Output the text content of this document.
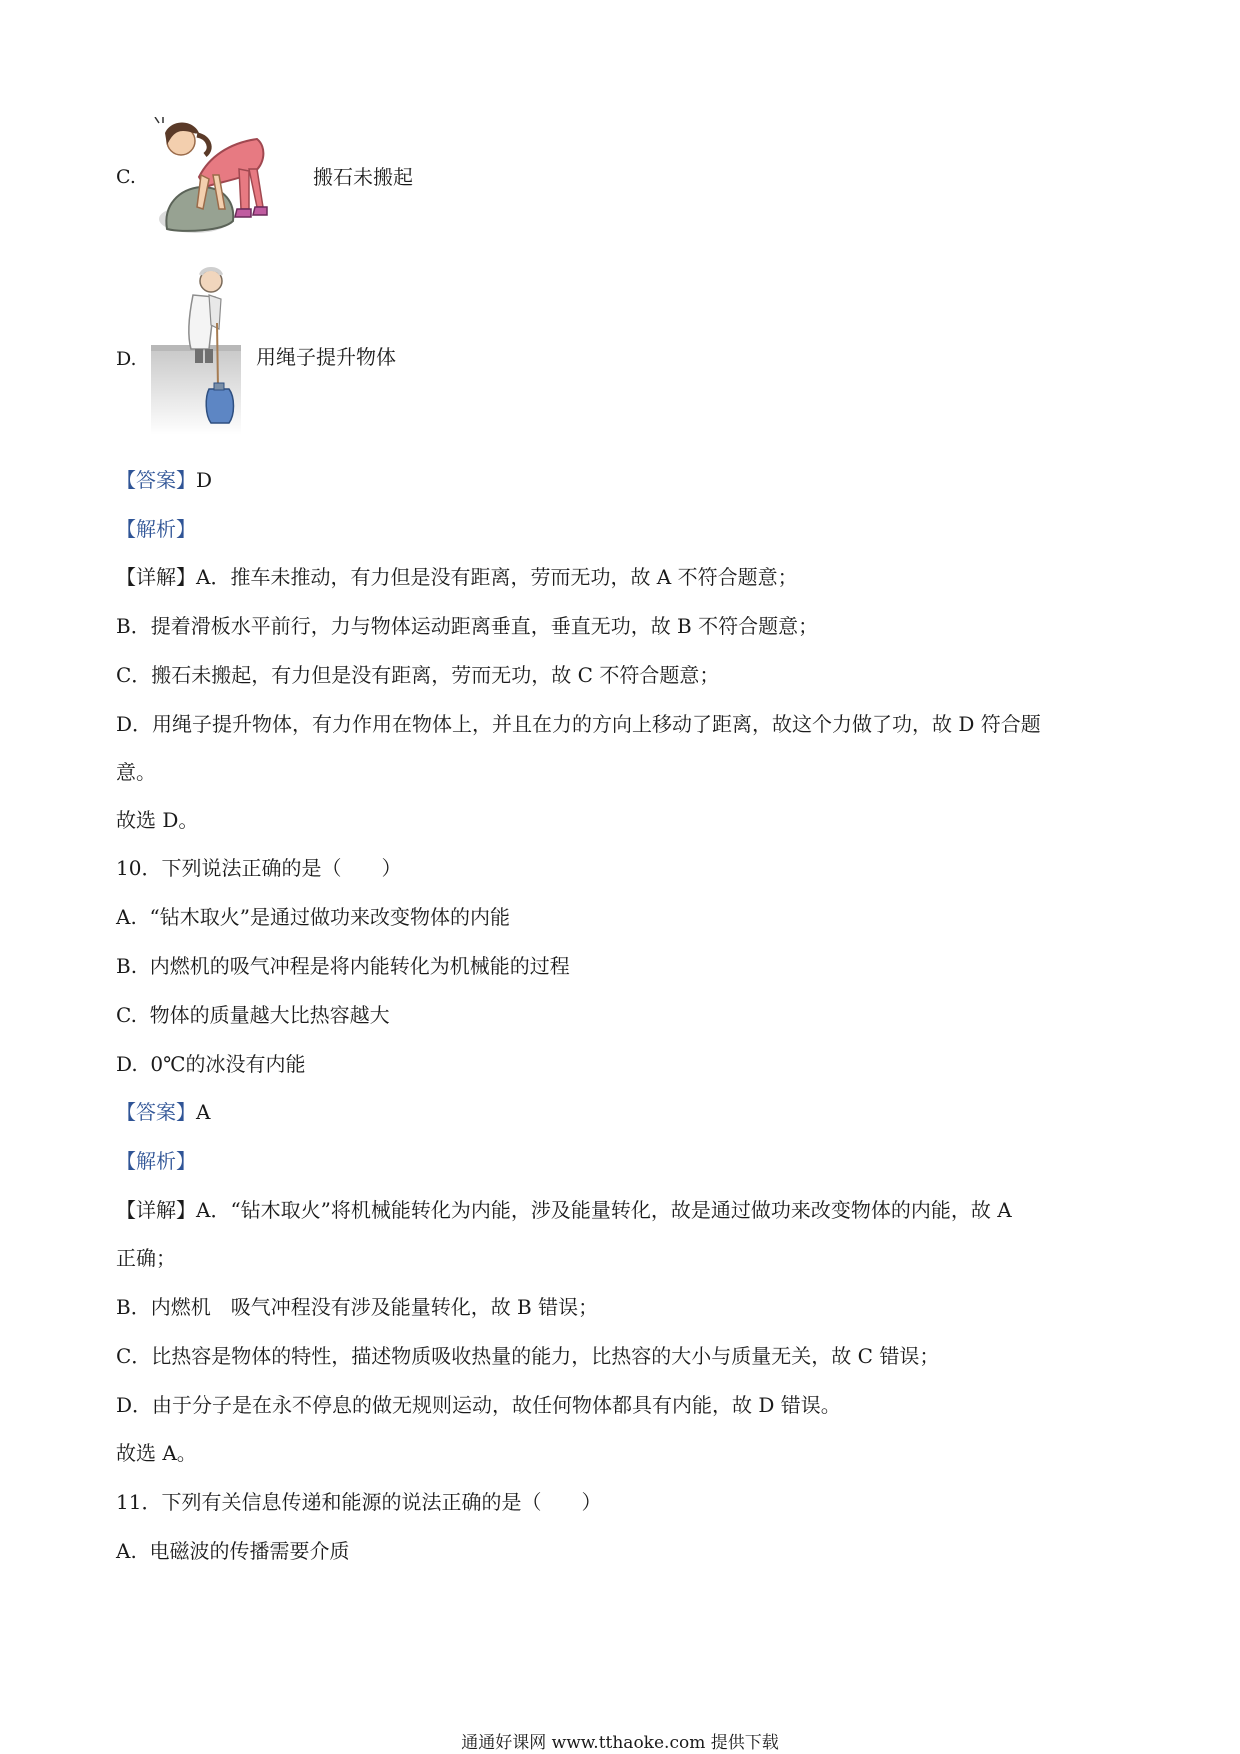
C.	搬石未搬起
D.	用绳子提升物体
【答案】D
【解析】
【详解】A．推车未推动，有力但是没有距离，劳而无功，故 A 不符合题意；
B．提着滑板水平前行，力与物体运动距离垂直，垂直无功，故 B 不符合题意；
C．搬石未搬起，有力但是没有距离，劳而无功，故 C 不符合题意；
D．用绳子提升物体，有力作用在物体上，并且在力的方向上移动了距离，故这个力做了功，故 D 符合题
意。
故选 D。
10．下列说法正确的是（　　）
A. “钻木取火”是通过做功来改变物体的内能
B. 内燃机的吸气冲程是将内能转化为机械能的过程
C. 物体的质量越大比热容越大
D. 0℃的冰没有内能
【答案】A
【解析】
【详解】A．“钻木取火”将机械能转化为内能，涉及能量转化，故是通过做功来改变物体的内能，故 A
正确；
B．内燃机　吸气冲程没有涉及能量转化，故 B 错误；
C．比热容是物体的特性，描述物质吸收热量的能力，比热容的大小与质量无关，故 C 错误；
D．由于分子是在永不停息的做无规则运动，故任何物体都具有内能，故 D 错误。
故选 A。
11．下列有关信息传递和能源的说法正确的是（　　）
A. 电磁波的传播需要介质
通通好课网 www.tthaoke.com 提供下载
